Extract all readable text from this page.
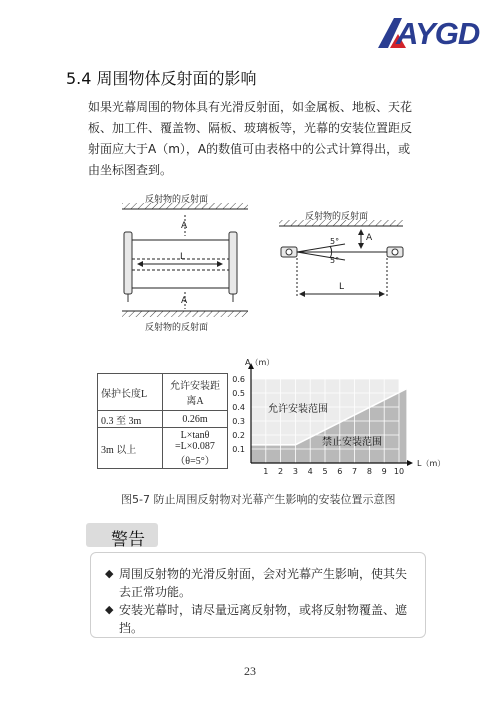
AYGD
5.4 周围物体反射面的影响

如果光幕周围的物体具有光滑反射面，如金属板、地板、天花

板、加工件、覆盖物、隔板、玻璃板等，光幕的安装位置距反

射面应大于A（m），A的数值可由表格中的公式计算得出，或

由坐标图查到。

1 2 3 4 5 6 7 8 9 10
0.1
0.2
0.3
0.4
0.5
0.6
L（m）
A（m）
允许安装范围
禁止安装范围
反射物的反射面
反射物的反射面
A
A
L
反射物的反射面
A
5°
5°
L
保护长度L	允许安装距离A
0.3 至 3m	0.26m
3m 以上	L×tanθ
=L×0.087
（θ=5°）
图5-7 防止周围反射物对光幕产生影响的安装位置示意图
警告
◆ 周围反射物的光滑反射面，会对光幕产生影响，使其失去正常功能。
◆ 安装光幕时，请尽量远离反射物，或将反射物覆盖、遮挡。
23
